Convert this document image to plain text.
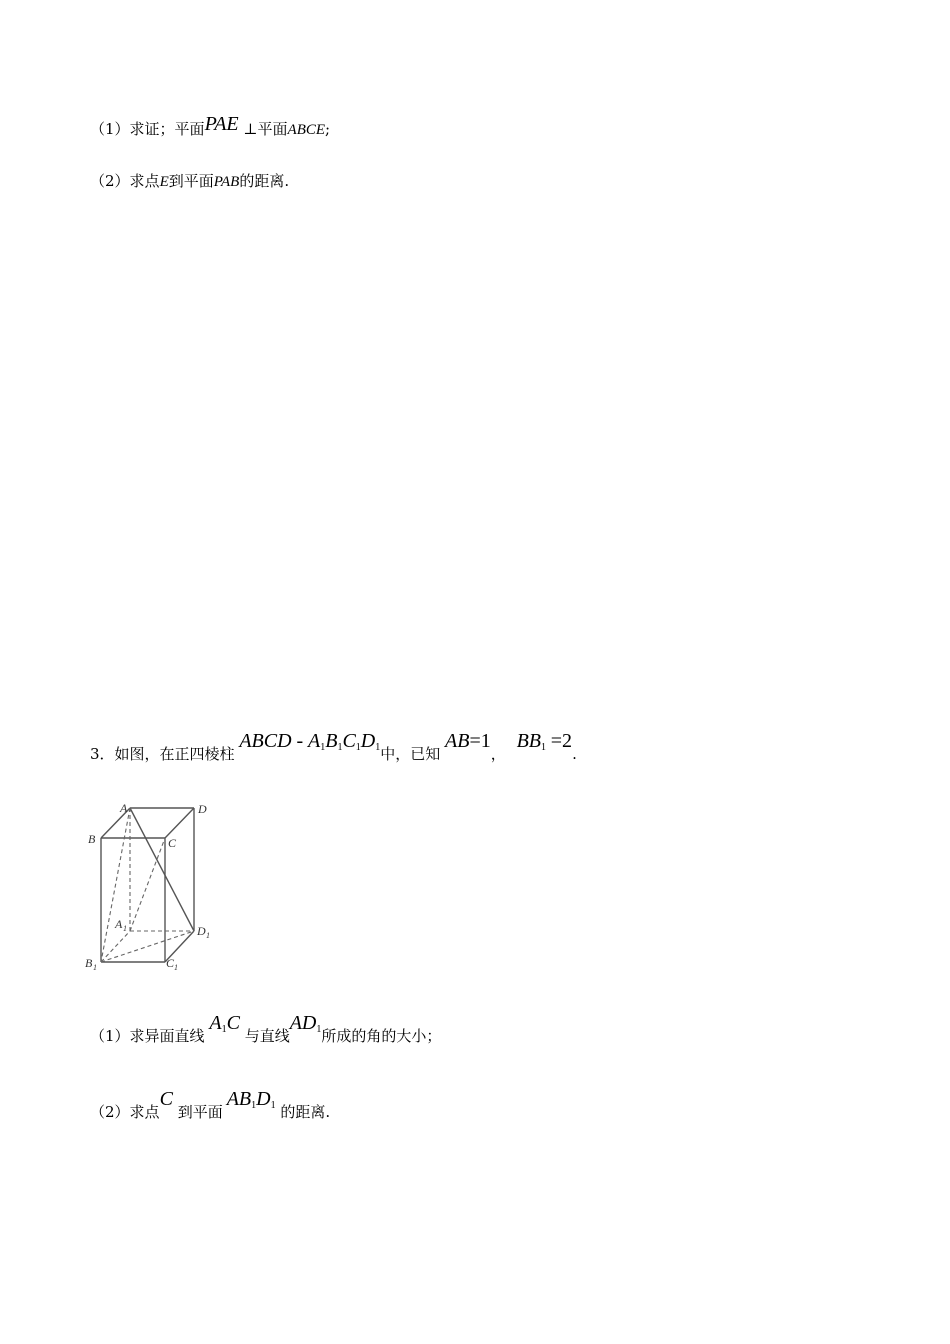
（1）求证；平面PAE ⊥平面ABCE;
（2）求点E到平面PAB的距离.
3．如图，在正四棱柱 ABCD - $A_1B_1C_1D_1$中，已知 AB=1， $BB_1 =2$.
A	D
B	C
A 1	D 1
B 1	C 1
（1）求异面直线 $A_1C$ 与直线$AD_1$所成的角的大小；
（2）求点C 到平面$AB_1D_1$ 的距离.
